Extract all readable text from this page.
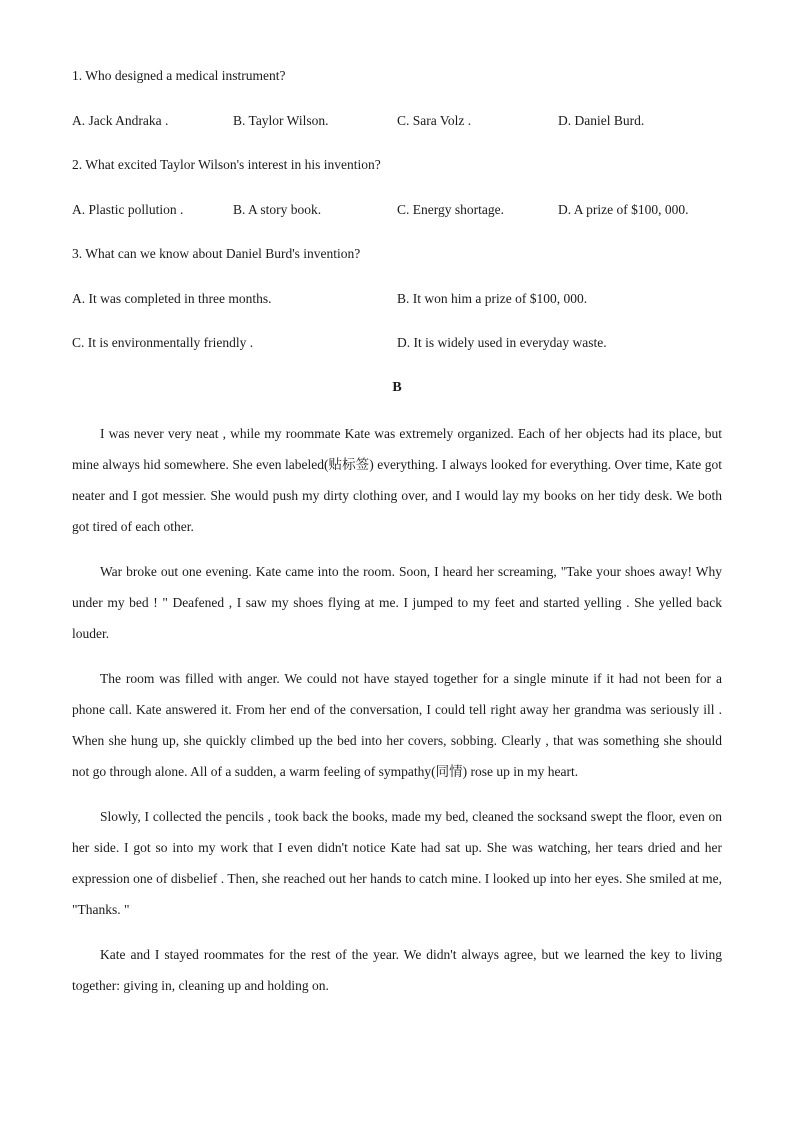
1. Who designed a medical instrument?
A. Jack Andraka .	B. Taylor Wilson.	C. Sara Volz .	D. Daniel Burd.
2. What excited Taylor Wilson's interest in his invention?
A. Plastic pollution .	B. A story book.	C. Energy shortage.	D. A prize of $100, 000.
3. What can we know about Daniel Burd's invention?
A. It was completed in three months.	B. It won him a prize of $100, 000.
C. It is environmentally friendly .	D. It is widely used in everyday waste.
B

I was never very neat , while my roommate Kate was extremely organized. Each of her objects had its place, but mine always hid somewhere. She even labeled(贴标签) everything. I always looked for everything. Over time, Kate got neater and I got messier. She would push my dirty clothing over, and I would lay my books on her tidy desk. We both got tired of each other.

War broke out one evening. Kate came into the room. Soon, I heard her screaming, "Take your shoes away! Why under my bed ! " Deafened , I saw my shoes flying at me. I jumped to my feet and started yelling . She yelled back louder.

The room was filled with anger. We could not have stayed together for a single minute if it had not been for a phone call. Kate answered it. From her end of the conversation, I could tell right away her grandma was seriously ill . When she hung up, she quickly climbed up the bed into her covers, sobbing. Clearly , that was something she should not go through alone. All of a sudden, a warm feeling of sympathy(同情) rose up in my heart.

Slowly, I collected the pencils , took back the books, made my bed, cleaned the socksand swept the floor, even on her side. I got so into my work that I even didn't notice Kate had sat up. She was watching, her tears dried and her expression one of disbelief . Then, she reached out her hands to catch mine. I looked up into her eyes. She smiled at me, "Thanks. "

Kate and I stayed roommates for the rest of the year. We didn't always agree, but we learned the key to living together: giving in, cleaning up and holding on.
